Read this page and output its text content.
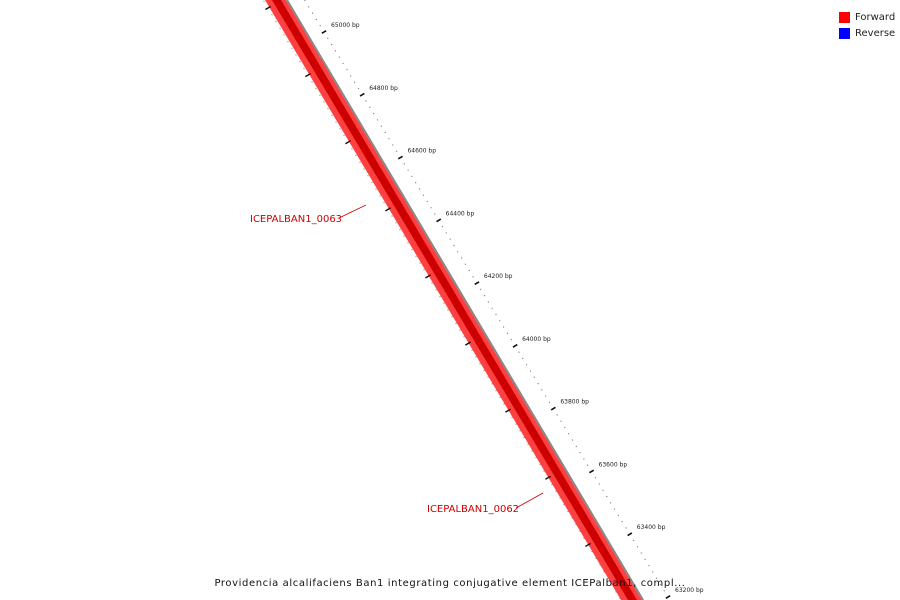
65000 bp
64800 bp
64600 bp
64400 bp
64200 bp
64000 bp
63800 bp
63600 bp
63400 bp
63200 bp
ICEPALBAN1_0063
ICEPALBAN1_0062
Forward
Reverse
Providencia alcalifaciens Ban1 integrating conjugative element ICEPalban1, compl...
